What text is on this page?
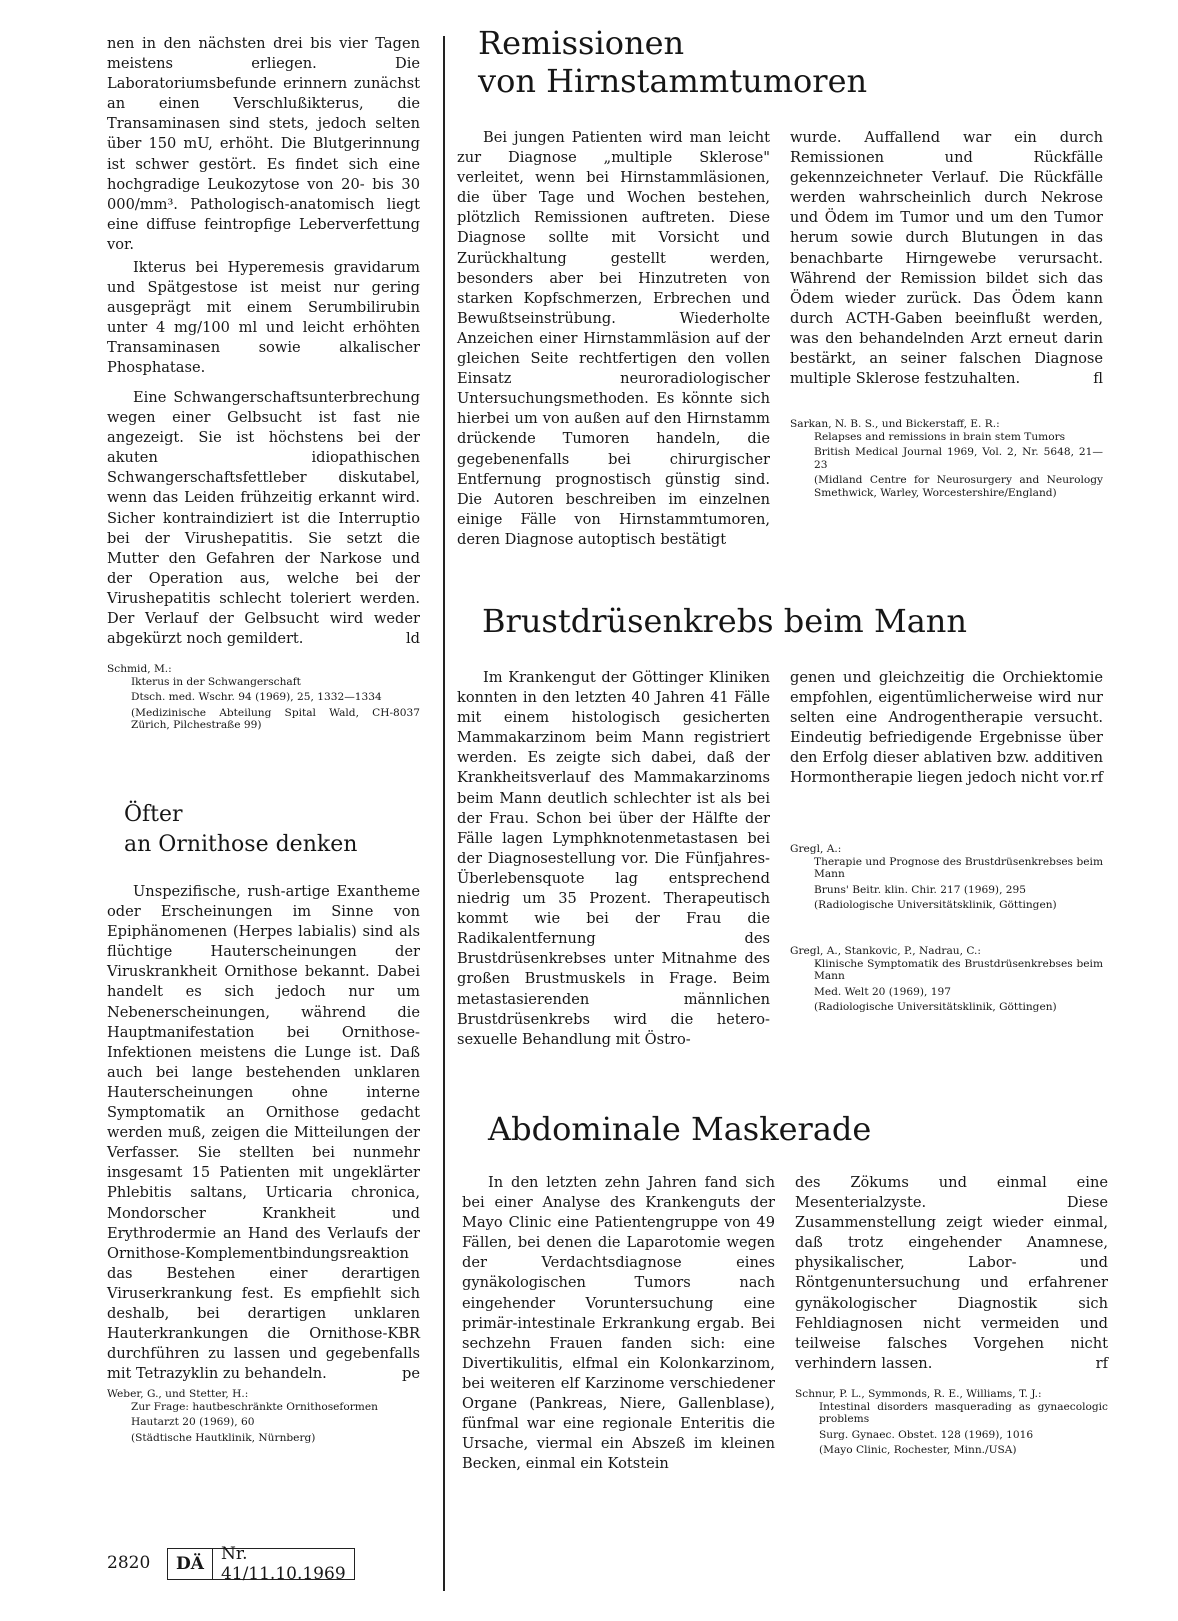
nen in den nächsten drei bis vier Tagen meistens erliegen. Die Laboratoriumsbefunde erinnern zunächst an einen Verschlußikterus, die Transaminasen sind stets, jedoch selten über 150 mU, erhöht. Die Blutgerinnung ist schwer gestört. Es findet sich eine hochgradige Leukozytose von 20- bis 30 000/mm³. Pathologisch-anatomisch liegt eine diffuse feintropfige Leberverfettung vor.

Ikterus bei Hyperemesis gravidarum und Spätgestose ist meist nur gering ausgeprägt mit einem Serumbilirubin unter 4 mg/100 ml und leicht erhöhten Transaminasen sowie alkalischer Phosphatase.

Eine Schwangerschaftsunterbrechung wegen einer Gelbsucht ist fast nie angezeigt. Sie ist höchstens bei der akuten idiopathischen Schwangerschaftsfettleber diskutabel, wenn das Leiden frühzeitig erkannt wird. Sicher kontraindiziert ist die Interruptio bei der Virushepatitis. Sie setzt die Mutter den Gefahren der Narkose und der Operation aus, welche bei der Virushepatitis schlecht toleriert werden. Der Verlauf der Gelbsucht wird weder abgekürzt noch gemildert.	ld

Schmid, M.:

Ikterus in der Schwangerschaft

Dtsch. med. Wschr. 94 (1969), 25, 1332—1334

(Medizinische Abteilung Spital Wald, CH-8037 Zürich, Pilchestraße 99)

Öfter
an Ornithose denken

Unspezifische, rush-artige Exantheme oder Erscheinungen im Sinne von Epiphänomenen (Herpes labialis) sind als flüchtige Hauterscheinungen der Viruskrankheit Ornithose bekannt. Dabei handelt es sich jedoch nur um Nebenerscheinungen, während die Hauptmanifestation bei Ornithose-Infektionen meistens die Lunge ist. Daß auch bei lange bestehenden unklaren Hauterscheinungen ohne interne Symptomatik an Ornithose gedacht werden muß, zeigen die Mitteilungen der Verfasser. Sie stellten bei nunmehr insgesamt 15 Patienten mit ungeklärter Phlebitis saltans, Urticaria chronica, Mondorscher Krankheit und Erythrodermie an Hand des Verlaufs der Ornithose-Komplementbindungsreaktion das Bestehen einer derartigen Viruserkrankung fest. Es empfiehlt sich deshalb, bei derartigen unklaren Hauterkrankungen die Ornithose-KBR durchführen zu lassen und gegebenfalls mit Tetrazyklin zu behandeln.	pe

Weber, G., und Stetter, H.:

Zur Frage: hautbeschränkte Ornithoseformen

Hautarzt 20 (1969), 60

(Städtische Hautklinik, Nürnberg)

Remissionen
von Hirnstammtumoren

Bei jungen Patienten wird man leicht zur Diagnose „multiple Sklerose" verleitet, wenn bei Hirnstammläsionen, die über Tage und Wochen bestehen, plötzlich Remissionen auftreten. Diese Diagnose sollte mit Vorsicht und Zurückhaltung gestellt werden, besonders aber bei Hinzutreten von starken Kopfschmerzen, Erbrechen und Bewußtseinstrübung. Wiederholte Anzeichen einer Hirnstammläsion auf der gleichen Seite rechtfertigen den vollen Einsatz neuroradiologischer Untersuchungsmethoden. Es könnte sich hierbei um von außen auf den Hirnstamm drückende Tumoren handeln, die gegebenenfalls bei chirurgischer Entfernung prognostisch günstig sind. Die Autoren beschreiben im einzelnen einige Fälle von Hirnstammtumoren, deren Diagnose autoptisch bestätigt

wurde. Auffallend war ein durch Remissionen und Rückfälle gekennzeichneter Verlauf. Die Rückfälle werden wahrscheinlich durch Nekrose und Ödem im Tumor und um den Tumor herum sowie durch Blutungen in das benachbarte Hirngewebe verursacht. Während der Remission bildet sich das Ödem wieder zurück. Das Ödem kann durch ACTH-Gaben beeinflußt werden, was den behandelnden Arzt erneut darin bestärkt, an seiner falschen Diagnose multiple Sklerose festzuhalten.	fl

Sarkan, N. B. S., und Bickerstaff, E. R.:

Relapses and remissions in brain stem Tumors

British Medical Journal 1969, Vol. 2, Nr. 5648, 21—23

(Midland Centre for Neurosurgery and Neurology Smethwick, Warley, Worcestershire/England)

Brustdrüsenkrebs beim Mann

Im Krankengut der Göttinger Kliniken konnten in den letzten 40 Jahren 41 Fälle mit einem histologisch gesicherten Mammakarzinom beim Mann registriert werden. Es zeigte sich dabei, daß der Krankheitsverlauf des Mammakarzinoms beim Mann deutlich schlechter ist als bei der Frau. Schon bei über der Hälfte der Fälle lagen Lymphknotenmetastasen bei der Diagnosestellung vor. Die Fünfjahres-Überlebensquote lag entsprechend niedrig um 35 Prozent. Therapeutisch kommt wie bei der Frau die Radikalentfernung des Brustdrüsenkrebses unter Mitnahme des großen Brustmuskels in Frage. Beim metastasierenden männlichen Brustdrüsenkrebs wird die hetero-sexuelle Behandlung mit Östro-

genen und gleichzeitig die Orchiektomie empfohlen, eigentümlicherweise wird nur selten eine Androgentherapie versucht. Eindeutig befriedigende Ergebnisse über den Erfolg dieser ablativen bzw. additiven Hormontherapie liegen jedoch nicht vor. rf

Gregl, A.:

Therapie und Prognose des Brustdrüsenkrebses beim Mann

Bruns' Beitr. klin. Chir. 217 (1969), 295

(Radiologische Universitätsklinik, Göttingen)

Gregl, A., Stankovic, P., Nadrau, C.:

Klinische Symptomatik des Brustdrüsenkrebses beim Mann

Med. Welt 20 (1969), 197

(Radiologische Universitätsklinik, Göttingen)

Abdominale Maskerade

In den letzten zehn Jahren fand sich bei einer Analyse des Krankenguts der Mayo Clinic eine Patientengruppe von 49 Fällen, bei denen die Laparotomie wegen der Verdachtsdiagnose eines gynäkologischen Tumors nach eingehender Voruntersuchung eine primär-intestinale Erkrankung ergab. Bei sechzehn Frauen fanden sich: eine Divertikulitis, elfmal ein Kolonkarzinom, bei weiteren elf Karzinome verschiedener Organe (Pankreas, Niere, Gallenblase), fünfmal war eine regionale Enteritis die Ursache, viermal ein Abszeß im kleinen Becken, einmal ein Kotstein

des Zökums und einmal eine Mesenterialzyste. Diese Zusammenstellung zeigt wieder einmal, daß trotz eingehender Anamnese, physikalischer, Labor- und Röntgenuntersuchung und erfahrener gynäkologischer Diagnostik sich Fehldiagnosen nicht vermeiden und teilweise falsches Vorgehen nicht verhindern lassen.	rf

Schnur, P. L., Symmonds, R. E., Williams, T. J.:

Intestinal disorders masquerading as gynaecologic problems

Surg. Gynaec. Obstet. 128 (1969), 1016

(Mayo Clinic, Rochester, Minn./USA)

2820	DÄ	Nr. 41/11.10.1969
